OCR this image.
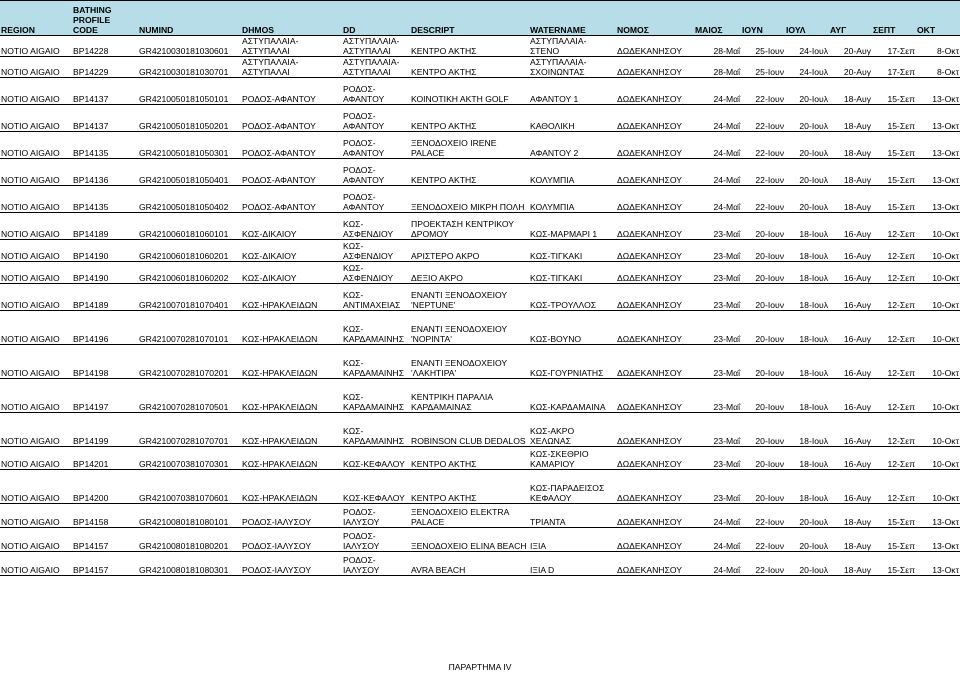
REGION	BATHING PROFILE CODE	NUMIND	DHMOS	DD	DESCRIPT	WATERNAME	ΝΟΜΟΣ	ΜΑΙΟΣ	ΙΟΥΝ	ΙΟΥΛ	ΑΥΓ	ΣΕΠΤ	ΟΚΤ
NOTIO AIGAIO	BP14228	GR4210030181030601	ΑΣΤΥΠΑΛΑΙΑ-ΑΣΤΥΠΑΛΑΙ	ΑΣΤΥΠΑΛΑΙΑ-ΑΣΤΥΠΑΛΑΙ	ΚΕΝΤΡΟ ΑΚΤΗΣ	ΑΣΤΥΠΑΛΑΙΑ-ΣΤΕΝΟ	ΔΩΔΕΚΑΝΗΣΟΥ	28-Μαΐ	25-Ιουν	24-Ιουλ	20-Αυγ	17-Σεπ	8-Οκτ
NOTIO AIGAIO	BP14229	GR4210030181030701	ΑΣΤΥΠΑΛΑΙΑ-ΑΣΤΥΠΑΛΑΙ	ΑΣΤΥΠΑΛΑΙΑ-ΑΣΤΥΠΑΛΑΙ	ΚΕΝΤΡΟ ΑΚΤΗΣ	ΑΣΤΥΠΑΛΑΙΑ-ΣΧΟΙΝΩΝΤΑΣ	ΔΩΔΕΚΑΝΗΣΟΥ	28-Μαΐ	25-Ιουν	24-Ιουλ	20-Αυγ	17-Σεπ	8-Οκτ
NOTIO AIGAIO	BP14137	GR4210050181050101	ΡΟΔΟΣ-ΑΦΑΝΤΟΥ	ΡΟΔΟΣ-ΑΦΑΝΤΟΥ	ΚΟΙΝΟΤΙΚΗ ΑΚΤΗ GOLF	ΑΦΑΝΤΟΥ 1	ΔΩΔΕΚΑΝΗΣΟΥ	24-Μαΐ	22-Ιουν	20-Ιουλ	18-Αυγ	15-Σεπ	13-Οκτ
NOTIO AIGAIO	BP14137	GR4210050181050201	ΡΟΔΟΣ-ΑΦΑΝΤΟΥ	ΡΟΔΟΣ-ΑΦΑΝΤΟΥ	ΚΕΝΤΡΟ ΑΚΤΗΣ	ΚΑΘΟΛΙΚΗ	ΔΩΔΕΚΑΝΗΣΟΥ	24-Μαΐ	22-Ιουν	20-Ιουλ	18-Αυγ	15-Σεπ	13-Οκτ
NOTIO AIGAIO	BP14135	GR4210050181050301	ΡΟΔΟΣ-ΑΦΑΝΤΟΥ	ΡΟΔΟΣ-ΑΦΑΝΤΟΥ	ΞΕΝΟΔΟΧΕΙΟ IRENE PALACE	ΑΦΑΝΤΟΥ 2	ΔΩΔΕΚΑΝΗΣΟΥ	24-Μαΐ	22-Ιουν	20-Ιουλ	18-Αυγ	15-Σεπ	13-Οκτ
NOTIO AIGAIO	BP14136	GR4210050181050401	ΡΟΔΟΣ-ΑΦΑΝΤΟΥ	ΡΟΔΟΣ-ΑΦΑΝΤΟΥ	ΚΕΝΤΡΟ ΑΚΤΗΣ	ΚΟΛΥΜΠΙΑ	ΔΩΔΕΚΑΝΗΣΟΥ	24-Μαΐ	22-Ιουν	20-Ιουλ	18-Αυγ	15-Σεπ	13-Οκτ
NOTIO AIGAIO	BP14135	GR4210050181050402	ΡΟΔΟΣ-ΑΦΑΝΤΟΥ	ΡΟΔΟΣ-ΑΦΑΝΤΟΥ	ΞΕΝΟΔΟΧΕΙΟ ΜΙΚΡΗ ΠΟΛΗ	ΚΟΛΥΜΠΙΑ	ΔΩΔΕΚΑΝΗΣΟΥ	24-Μαΐ	22-Ιουν	20-Ιουλ	18-Αυγ	15-Σεπ	13-Οκτ
NOTIO AIGAIO	BP14189	GR4210060181060101	ΚΩΣ-ΔΙΚΑΙΟΥ	ΚΩΣ-ΑΣΦΕΝΔΙΟΥ	ΠΡΟΕΚΤΑΣΗ ΚΕΝΤΡΙΚΟΥ ΔΡΟΜΟΥ	ΚΩΣ-ΜΑΡΜΑΡΙ 1	ΔΩΔΕΚΑΝΗΣΟΥ	23-Μαΐ	20-Ιουν	18-Ιουλ	16-Αυγ	12-Σεπ	10-Οκτ
NOTIO AIGAIO	BP14190	GR4210060181060201	ΚΩΣ-ΔΙΚΑΙΟΥ	ΚΩΣ-ΑΣΦΕΝΔΙΟΥ	ΑΡΙΣΤΕΡΟ ΑΚΡΟ	ΚΩΣ-ΤΙΓΚΑΚΙ	ΔΩΔΕΚΑΝΗΣΟΥ	23-Μαΐ	20-Ιουν	18-Ιουλ	16-Αυγ	12-Σεπ	10-Οκτ
NOTIO AIGAIO	BP14190	GR4210060181060202	ΚΩΣ-ΔΙΚΑΙΟΥ	ΚΩΣ-ΑΣΦΕΝΔΙΟΥ	ΔΕΞΙΟ ΑΚΡΟ	ΚΩΣ-ΤΙΓΚΑΚΙ	ΔΩΔΕΚΑΝΗΣΟΥ	23-Μαΐ	20-Ιουν	18-Ιουλ	16-Αυγ	12-Σεπ	10-Οκτ
NOTIO AIGAIO	BP14189	GR4210070181070401	ΚΩΣ-ΗΡΑΚΛΕΙΔΩΝ	ΚΩΣ-ΑΝΤΙΜΑΧΕΙΑΣ	ΕΝΑΝΤΙ ΞΕΝΟΔΟΧΕΙΟΥ 'NEPTUNE'	ΚΩΣ-ΤΡΟΥΛΛΟΣ	ΔΩΔΕΚΑΝΗΣΟΥ	23-Μαΐ	20-Ιουν	18-Ιουλ	16-Αυγ	12-Σεπ	10-Οκτ
NOTIO AIGAIO	BP14196	GR4210070281070101	ΚΩΣ-ΗΡΑΚΛΕΙΔΩΝ	ΚΩΣ-ΚΑΡΔΑΜΑΙΝΗΣ	ΕΝΑΝΤΙ ΞΕΝΟΔΟΧΕΙΟΥ 'NOPINTA'	ΚΩΣ-ΒΟΥΝΟ	ΔΩΔΕΚΑΝΗΣΟΥ	23-Μαΐ	20-Ιουν	18-Ιουλ	16-Αυγ	12-Σεπ	10-Οκτ
NOTIO AIGAIO	BP14198	GR4210070281070201	ΚΩΣ-ΗΡΑΚΛΕΙΔΩΝ	ΚΩΣ-ΚΑΡΔΑΜΑΙΝΗΣ	ΕΝΑΝΤΙ ΞΕΝΟΔΟΧΕΙΟΥ 'ΛΑΚΗΤΙΡΑ'	ΚΩΣ-ΓΟΥΡΝΙΑΤΗΣ	ΔΩΔΕΚΑΝΗΣΟΥ	23-Μαΐ	20-Ιουν	18-Ιουλ	16-Αυγ	12-Σεπ	10-Οκτ
NOTIO AIGAIO	BP14197	GR4210070281070501	ΚΩΣ-ΗΡΑΚΛΕΙΔΩΝ	ΚΩΣ-ΚΑΡΔΑΜΑΙΝΗΣ	ΚΕΝΤΡΙΚΗ ΠΑΡΑΛΙΑ ΚΑΡΔΑΜΑΙΝΑΣ	ΚΩΣ-ΚΑΡΔΑΜΑΙΝΑ	ΔΩΔΕΚΑΝΗΣΟΥ	23-Μαΐ	20-Ιουν	18-Ιουλ	16-Αυγ	12-Σεπ	10-Οκτ
NOTIO AIGAIO	BP14199	GR4210070281070701	ΚΩΣ-ΗΡΑΚΛΕΙΔΩΝ	ΚΩΣ-ΚΑΡΔΑΜΑΙΝΗΣ	ROBINSON CLUB DEDALOS	ΚΩΣ-ΑΚΡΟ ΧΕΛΩΝΑΣ	ΔΩΔΕΚΑΝΗΣΟΥ	23-Μαΐ	20-Ιουν	18-Ιουλ	16-Αυγ	12-Σεπ	10-Οκτ
NOTIO AIGAIO	BP14201	GR4210070381070301	ΚΩΣ-ΗΡΑΚΛΕΙΔΩΝ	ΚΩΣ-ΚΕΦΑΛΟΥ	ΚΕΝΤΡΟ ΑΚΤΗΣ	ΚΩΣ-ΣΚΕΘΡΙΟ ΚΑΜΑΡΙΟΥ	ΔΩΔΕΚΑΝΗΣΟΥ	23-Μαΐ	20-Ιουν	18-Ιουλ	16-Αυγ	12-Σεπ	10-Οκτ
NOTIO AIGAIO	BP14200	GR4210070381070601	ΚΩΣ-ΗΡΑΚΛΕΙΔΩΝ	ΚΩΣ-ΚΕΦΑΛΟΥ	ΚΕΝΤΡΟ ΑΚΤΗΣ	ΚΩΣ-ΠΑΡΑΔΕΙΣΟΣ ΚΕΦΑΛΟΥ	ΔΩΔΕΚΑΝΗΣΟΥ	23-Μαΐ	20-Ιουν	18-Ιουλ	16-Αυγ	12-Σεπ	10-Οκτ
NOTIO AIGAIO	BP14158	GR4210080181080101	ΡΟΔΟΣ-ΙΑΛΥΣΟΥ	ΡΟΔΟΣ-ΙΑΛΥΣΟΥ	ΞΕΝΟΔΟΧΕΙΟ ELEKTRA PALACE	ΤΡΙΑΝΤΑ	ΔΩΔΕΚΑΝΗΣΟΥ	24-Μαΐ	22-Ιουν	20-Ιουλ	18-Αυγ	15-Σεπ	13-Οκτ
NOTIO AIGAIO	BP14157	GR4210080181080201	ΡΟΔΟΣ-ΙΑΛΥΣΟΥ	ΡΟΔΟΣ-ΙΑΛΥΣΟΥ	ΞΕΝΟΔΟΧΕΙΟ ELINA BEACH	ΙΞΙΑ	ΔΩΔΕΚΑΝΗΣΟΥ	24-Μαΐ	22-Ιουν	20-Ιουλ	18-Αυγ	15-Σεπ	13-Οκτ
NOTIO AIGAIO	BP14157	GR4210080181080301	ΡΟΔΟΣ-ΙΑΛΥΣΟΥ	ΡΟΔΟΣ-ΙΑΛΥΣΟΥ	AVRA BEACH	ΙΞΙΑ D	ΔΩΔΕΚΑΝΗΣΟΥ	24-Μαΐ	22-Ιουν	20-Ιουλ	18-Αυγ	15-Σεπ	13-Οκτ
ΠΑΡΑΡΤΗΜΑ IV
